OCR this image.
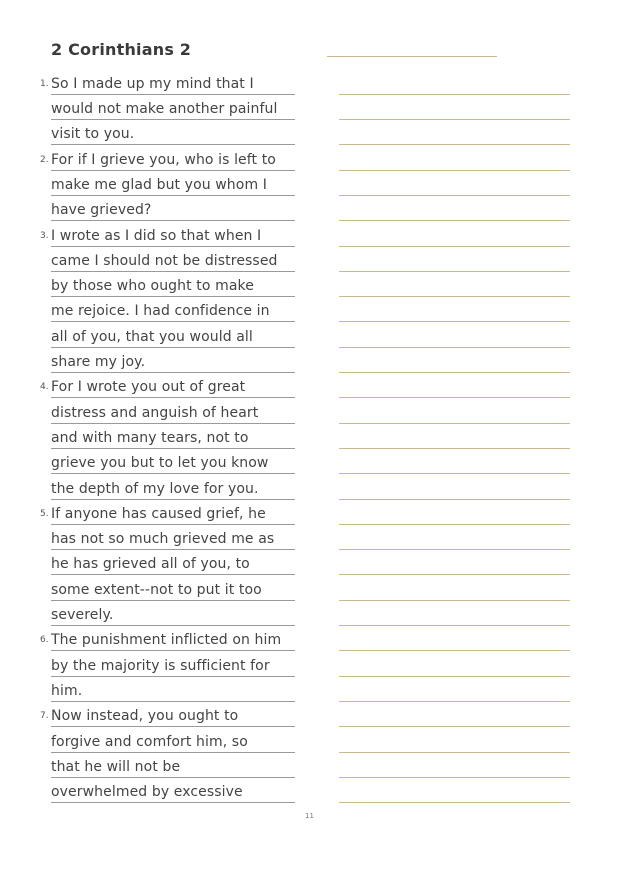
2 Corinthians 2
1. So I made up my mind that I
would not make another painful
visit to you.
2. For if I grieve you, who is left to
make me glad but you whom I
have grieved?
3. I wrote as I did so that when I
came I should not be distressed
by those who ought to make
me rejoice. I had confidence in
all of you, that you would all
share my joy.
4. For I wrote you out of great
distress and anguish of heart
and with many tears, not to
grieve you but to let you know
the depth of my love for you.
5. If anyone has caused grief, he
has not so much grieved me as
he has grieved all of you, to
some extent--not to put it too
severely.
6. The punishment inflicted on him
by the majority is sufficient for
him.
7. Now instead, you ought to
forgive and comfort him, so
that he will not be
overwhelmed by excessive
11
